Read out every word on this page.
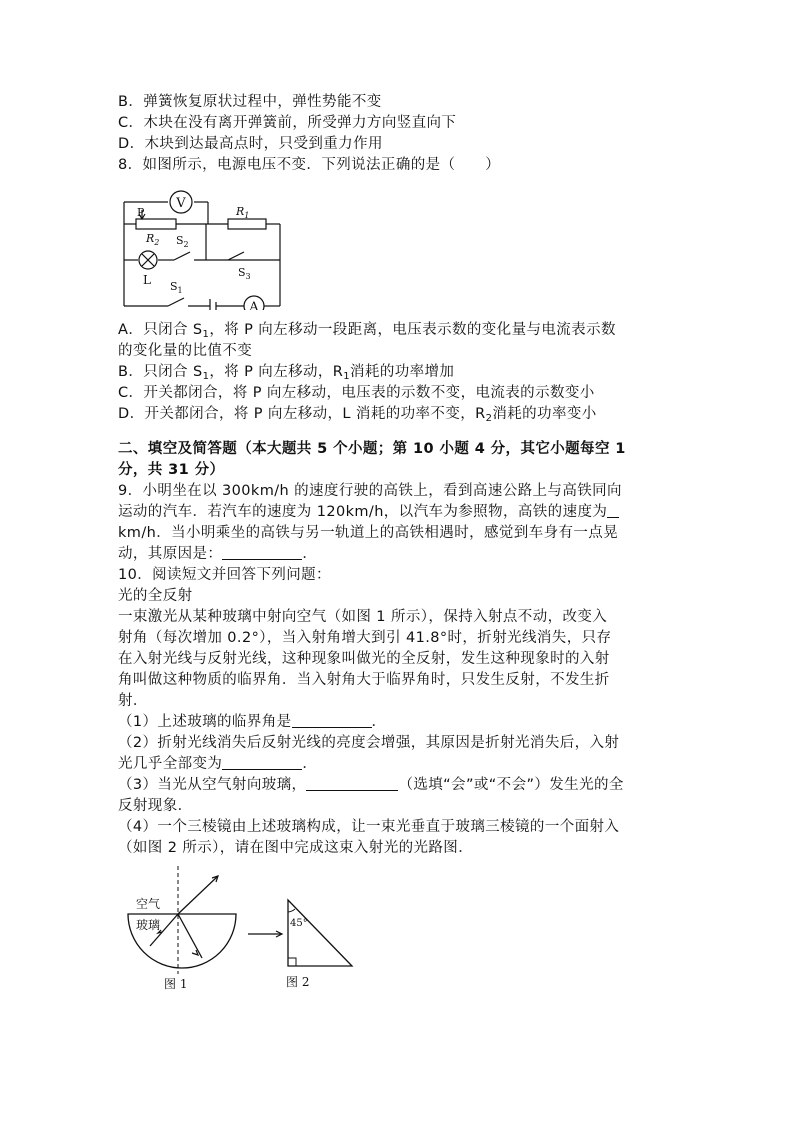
B．弹簧恢复原状过程中，弹性势能不变
C．木块在没有离开弹簧前，所受弹力方向竖直向下
D．木块到达最高点时，只受到重力作用
8．如图所示，电源电压不变．下列说法正确的是（　　）
A．只闭合 $S_1$，将 P 向左移动一段距离，电压表示数的变化量与电流表示数
的变化量的比值不变
B．只闭合 $S_1$，将 P 向左移动，$R_1$消耗的功率增加
C．开关都闭合，将 P 向左移动，电压表的示数不变，电流表的示数变小
D．开关都闭合，将 P 向左移动，L 消耗的功率不变，$R_2$消耗的功率变小
二、填空及简答题（本大题共 5 个小题；第 10 小题 4 分，其它小题每空 1
分，共 31 分）
9．小明坐在以 300km/h 的速度行驶的高铁上，看到高速公路上与高铁同向
运动的汽车．若汽车的速度为 120km/h，以汽车为参照物，高铁的速度为
km/h．当小明乘坐的高铁与另一轨道上的高铁相遇时，感觉到车身有一点晃
动，其原因是：	．
10．阅读短文并回答下列问题：
光的全反射
一束激光从某种玻璃中射向空气（如图 1 所示），保持入射点不动，改变入
射角（每次增加 0.2°），当入射角增大到引 41.8°时，折射光线消失，只存
在入射光线与反射光线，这种现象叫做光的全反射，发生这种现象时的入射
角叫做这种物质的临界角．当入射角大于临界角时，只发生反射，不发生折
射．
（1）上述玻璃的临界角是	．
（2）折射光线消失后反射光线的亮度会增强，其原因是折射光消失后，入射
光几乎全部变为	．
（3）当光从空气射向玻璃，	（选填“会”或“不会”）发生光的全
反射现象．
（4）一个三棱镜由上述玻璃构成，让一束光垂直于玻璃三棱镜的一个面射入
（如图 2 所示），请在图中完成这束入射光的光路图．
V
A
P
$R_2$
$R_1$
$S_2$
$S_3$
$S_1$
L
空气
玻璃
图 1
45°
图 2
